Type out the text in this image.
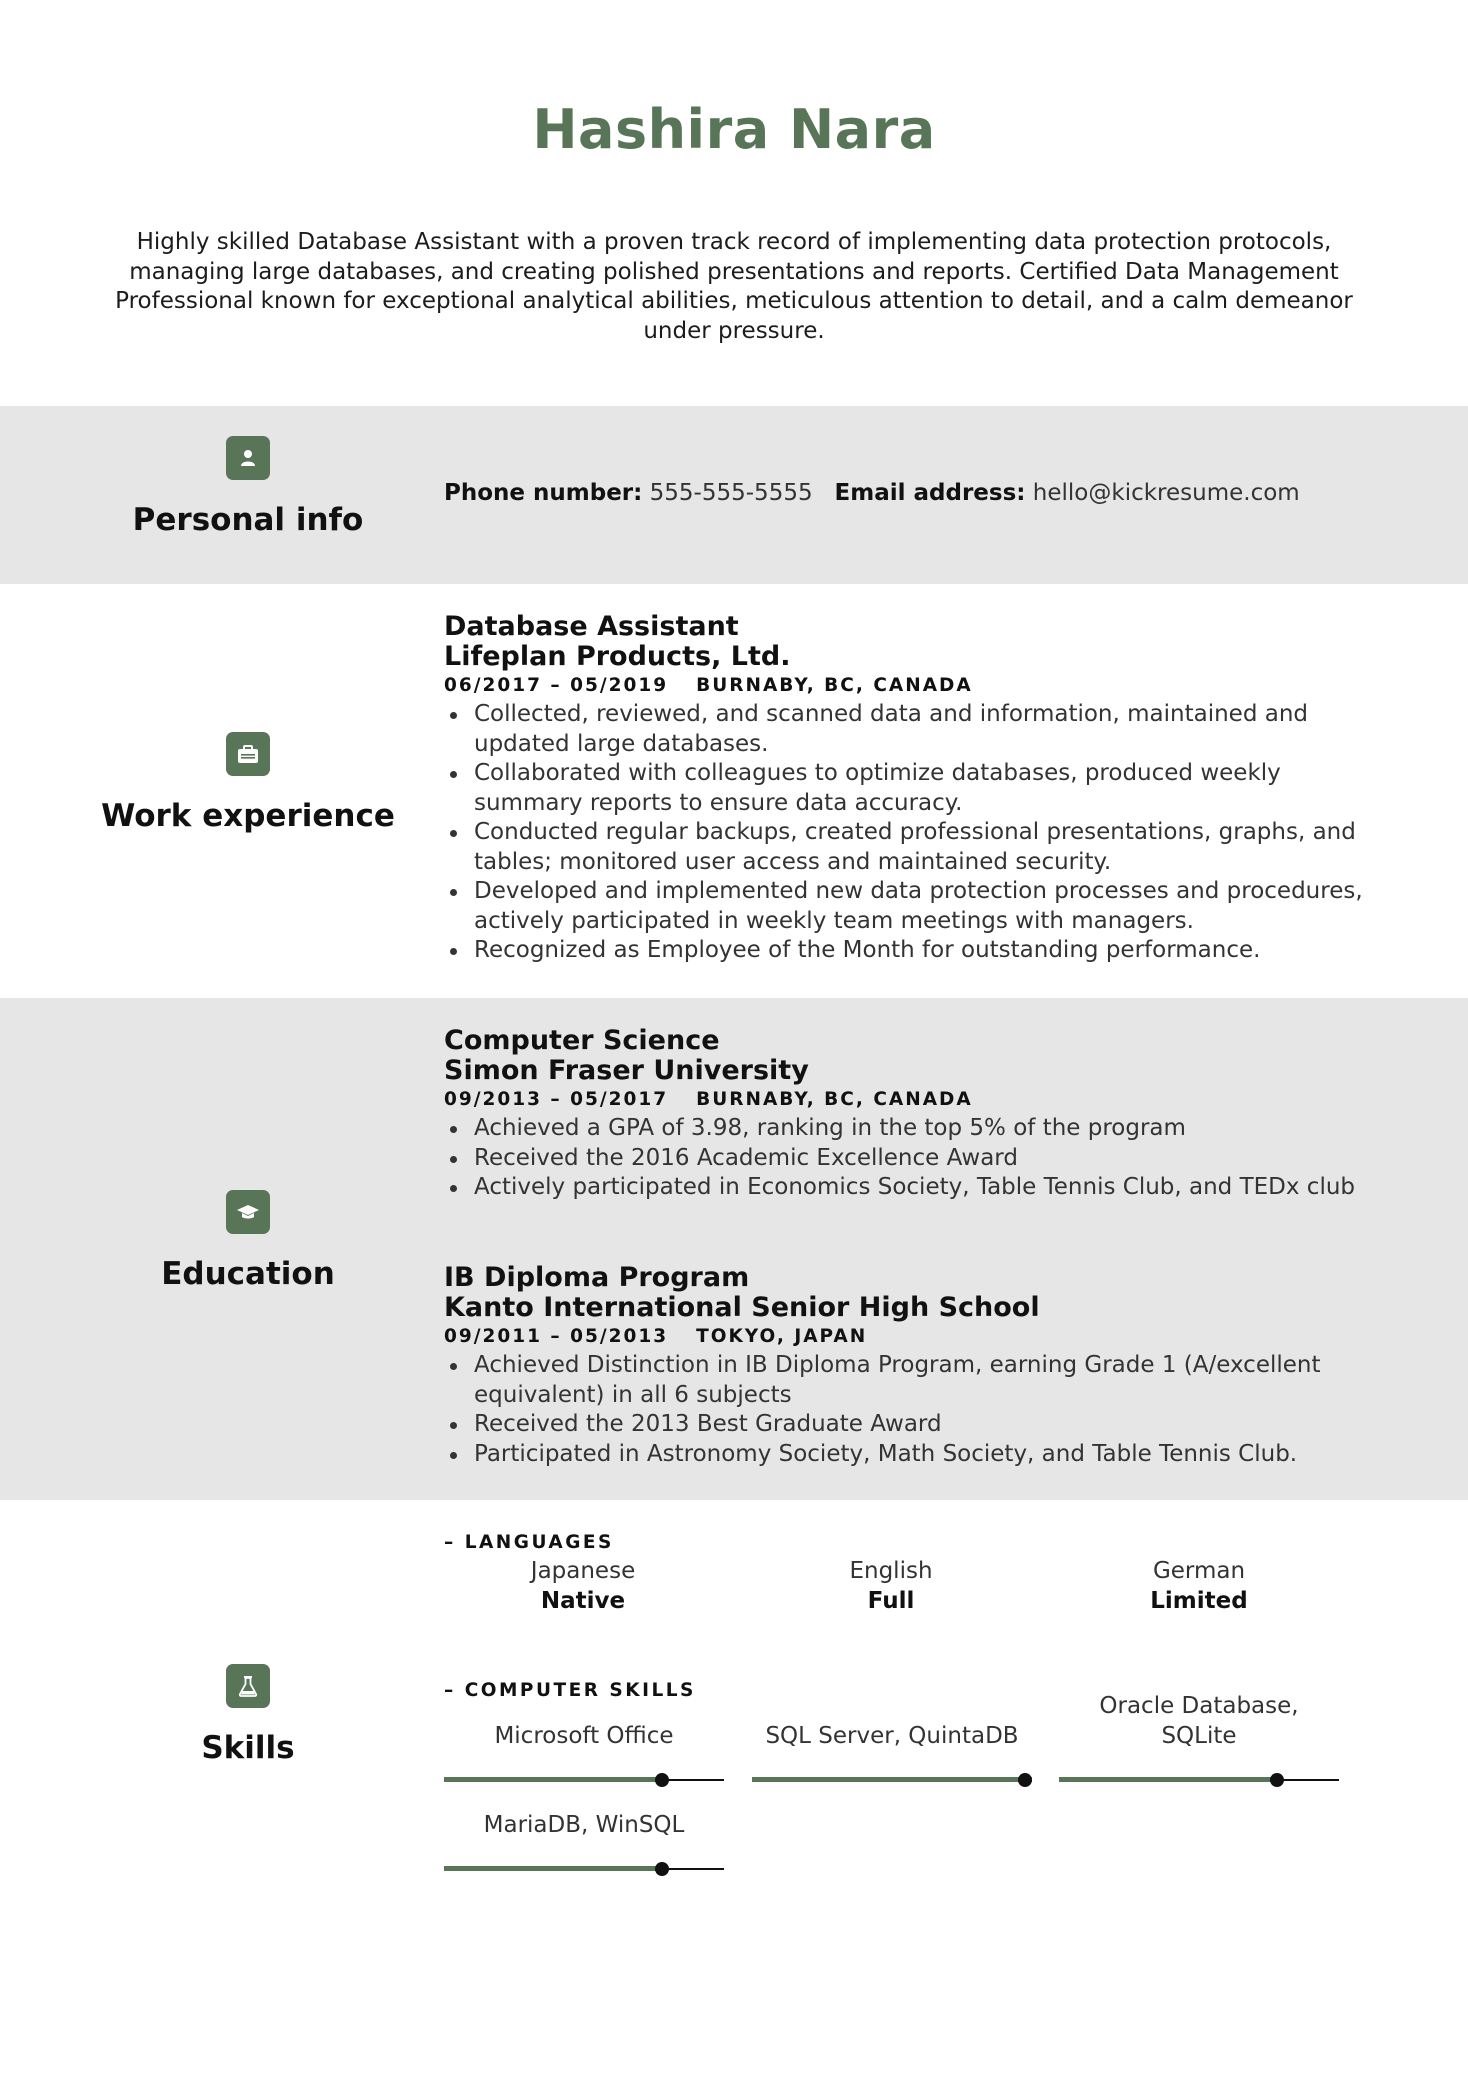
Hashira Nara
Highly skilled Database Assistant with a proven track record of implementing data protection protocols, managing large databases, and creating polished presentations and reports. Certified Data Management Professional known for exceptional analytical abilities, meticulous attention to detail, and a calm demeanor under pressure.
Personal info
Phone number: 555-555-5555 Email address: hello@kickresume.com
Work experience
Database Assistant
Lifeplan Products, Ltd.
06/2017 – 05/2019 BURNABY, BC, CANADA
Collected, reviewed, and scanned data and information, maintained and updated large databases.
Collaborated with colleagues to optimize databases, produced weekly summary reports to ensure data accuracy.
Conducted regular backups, created professional presentations, graphs, and tables; monitored user access and maintained security.
Developed and implemented new data protection processes and procedures, actively participated in weekly team meetings with managers.
Recognized as Employee of the Month for outstanding performance.
Education
Computer Science
Simon Fraser University
09/2013 – 05/2017 BURNABY, BC, CANADA
Achieved a GPA of 3.98, ranking in the top 5% of the program
Received the 2016 Academic Excellence Award
Actively participated in Economics Society, Table Tennis Club, and TEDx club
IB Diploma Program
Kanto International Senior High School
09/2011 – 05/2013 TOKYO, JAPAN
Achieved Distinction in IB Diploma Program, earning Grade 1 (A/excellent equivalent) in all 6 subjects
Received the 2013 Best Graduate Award
Participated in Astronomy Society, Math Society, and Table Tennis Club.
Skills
– LANGUAGES
Japanese
Native
English
Full
German
Limited
– COMPUTER SKILLS
Microsoft Office	SQL Server, QuintaDB
Oracle Database, SQLite
MariaDB, WinSQL
